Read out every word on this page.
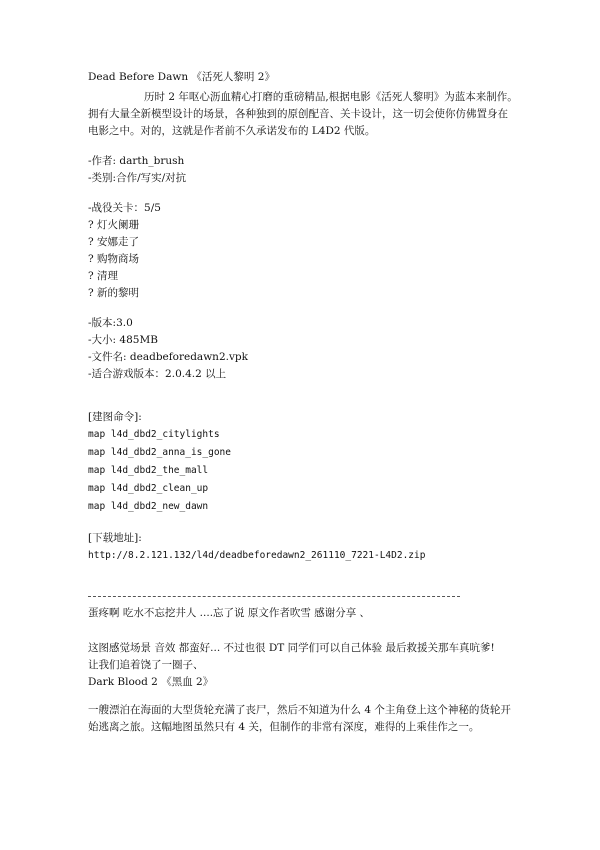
Dead Before Dawn 《活死人黎明 2》
历时 2 年呕心沥血精心打磨的重磅精品,根据电影《活死人黎明》为蓝本来制作。
拥有大量全新模型设计的场景，各种独到的原创配音、关卡设计，这一切会使你仿佛置身在
电影之中。对的，这就是作者前不久承诺发布的 L4D2 代版。
-作者: darth_brush
-类别:合作/写实/对抗
-战役关卡：5/5
? 灯火阑珊
? 安娜走了
? 购物商场
? 清理
? 新的黎明
-版本:3.0
-大小: 485MB
-文件名: deadbeforedawn2.vpk
-适合游戏版本：2.0.4.2 以上
[建图命令]:
map l4d_dbd2_citylights
map l4d_dbd2_anna_is_gone
map l4d_dbd2_the_mall
map l4d_dbd2_clean_up
map l4d_dbd2_new_dawn
[下载地址]:
http://8.2.121.132/l4d/deadbeforedawn2_261110_7221-L4D2.zip
蛋疼啊 吃水不忘挖井人 ....忘了说 原文作者吹雪 感谢分享 、
这图感觉场景 音效 都蛮好... 不过也很 DT 同学们可以自己体验 最后救援关那车真吭爹!
让我们追着饶了一圈子、
Dark Blood 2 《黑血 2》
一艘漂泊在海面的大型货轮充满了丧尸，然后不知道为什么 4 个主角登上这个神秘的货轮开
始逃离之旅。这幅地图虽然只有 4 关，但制作的非常有深度，难得的上乘佳作之一。
